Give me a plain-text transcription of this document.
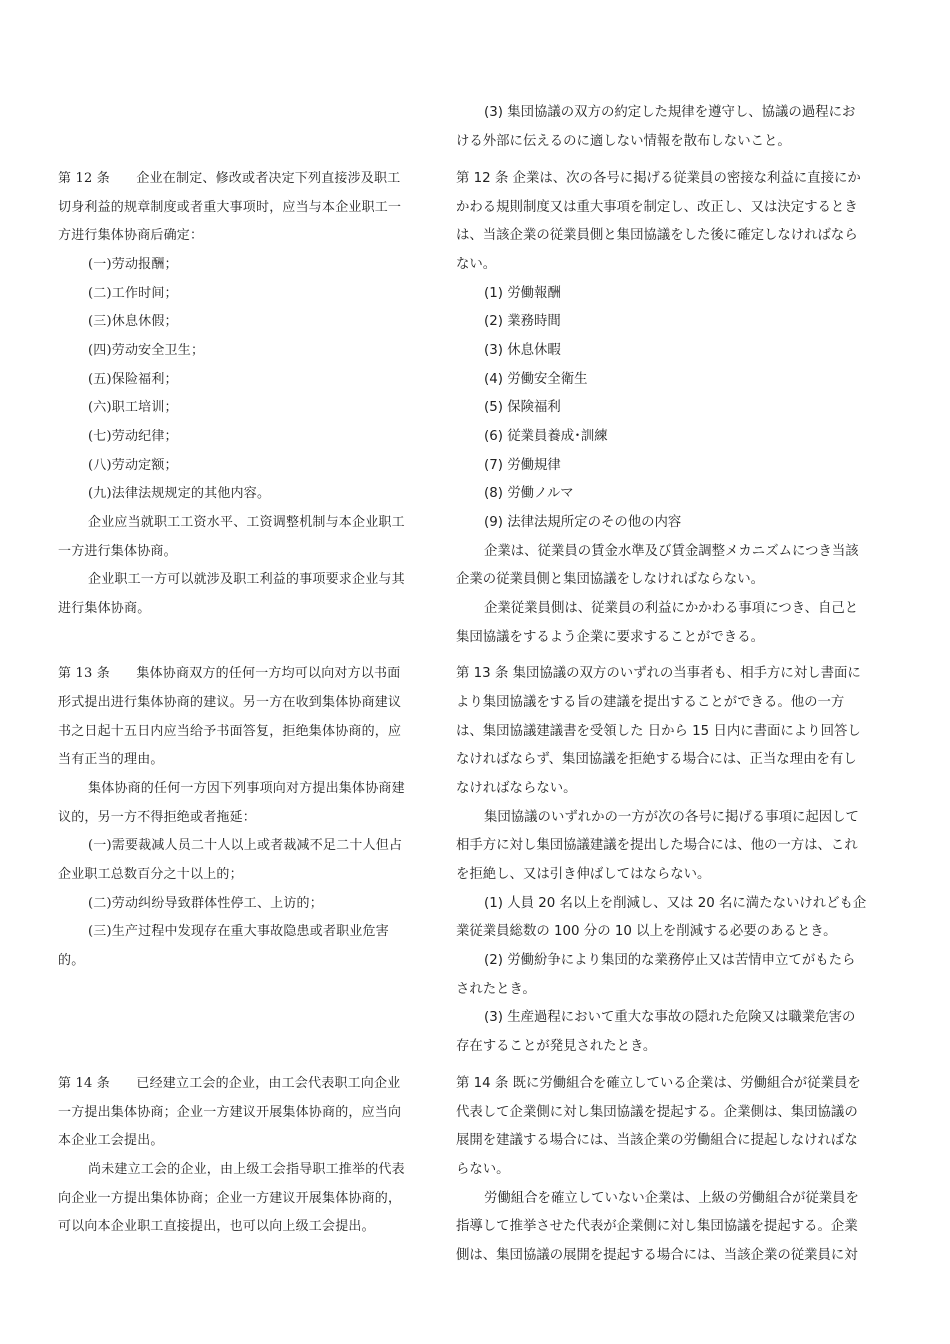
第 12 条　　企业在制定、修改或者决定下列直接涉及职工
切身利益的规章制度或者重大事项时，应当与本企业职工一
方进行集体协商后确定：
(一)劳动报酬；
(二)工作时间；
(三)休息休假；
(四)劳动安全卫生；
(五)保险福利；
(六)职工培训；
(七)劳动纪律；
(八)劳动定额；
(九)法律法规规定的其他内容。
企业应当就职工工资水平、工资调整机制与本企业职工
一方进行集体协商。
企业职工一方可以就涉及职工利益的事项要求企业与其
进行集体协商。
第 13 条　　集体协商双方的任何一方均可以向对方以书面
形式提出进行集体协商的建议。另一方在收到集体协商建议
书之日起十五日内应当给予书面答复，拒绝集体协商的，应
当有正当的理由。
集体协商的任何一方因下列事项向对方提出集体协商建
议的，另一方不得拒绝或者拖延：
(一)需要裁减人员二十人以上或者裁减不足二十人但占
企业职工总数百分之十以上的；
(二)劳动纠纷导致群体性停工、上访的；
(三)生产过程中发现存在重大事故隐患或者职业危害
的。
第 14 条　　已经建立工会的企业，由工会代表职工向企业
一方提出集体协商；企业一方建议开展集体协商的，应当向
本企业工会提出。
尚未建立工会的企业，由上级工会指导职工推举的代表
向企业一方提出集体协商；企业一方建议开展集体协商的，
可以向本企业职工直接提出，也可以向上级工会提出。
(3) 集団協議の双方の約定した規律を遵守し、協議の過程にお
ける外部に伝えるのに適しない情報を散布しないこと。
第 12 条 企業は、次の各号に掲げる従業員の密接な利益に直接にか
かわる規則制度又は重大事項を制定し、改正し、又は決定するとき
は、当該企業の従業員側と集団協議をした後に確定しなければなら
ない。
(1) 労働報酬
(2) 業務時間
(3) 休息休暇
(4) 労働安全衛生
(5) 保険福利
(6) 従業員養成･訓練
(7) 労働規律
(8) 労働ノルマ
(9) 法律法規所定のその他の内容
企業は、従業員の賃金水準及び賃金調整メカニズムにつき当該
企業の従業員側と集団協議をしなければならない。
企業従業員側は、従業員の利益にかかわる事項につき、自己と
集団協議をするよう企業に要求することができる。
第 13 条 集団協議の双方のいずれの当事者も、相手方に対し書面に
より集団協議をする旨の建議を提出することができる。他の一方
は、集団協議建議書を受領した 日から 15 日内に書面により回答し
なければならず、集団協議を拒絶する場合には、正当な理由を有し
なければならない。
集団協議のいずれかの一方が次の各号に掲げる事項に起因して
相手方に対し集団協議建議を提出した場合には、他の一方は、これ
を拒絶し、又は引き伸ばしてはならない。
(1) 人員 20 名以上を削減し、又は 20 名に満たないけれども企
業従業員総数の 100 分の 10 以上を削減する必要のあるとき。
(2) 労働紛争により集団的な業務停止又は苦情申立てがもたら
されたとき。
(3) 生産過程において重大な事故の隠れた危険又は職業危害の
存在することが発見されたとき。
第 14 条 既に労働組合を確立している企業は、労働組合が従業員を
代表して企業側に対し集団協議を提起する。企業側は、集団協議の
展開を建議する場合には、当該企業の労働組合に提起しなければな
らない。
労働組合を確立していない企業は、上級の労働組合が従業員を
指導して推挙させた代表が企業側に対し集団協議を提起する。企業
側は、集団協議の展開を提起する場合には、当該企業の従業員に対
